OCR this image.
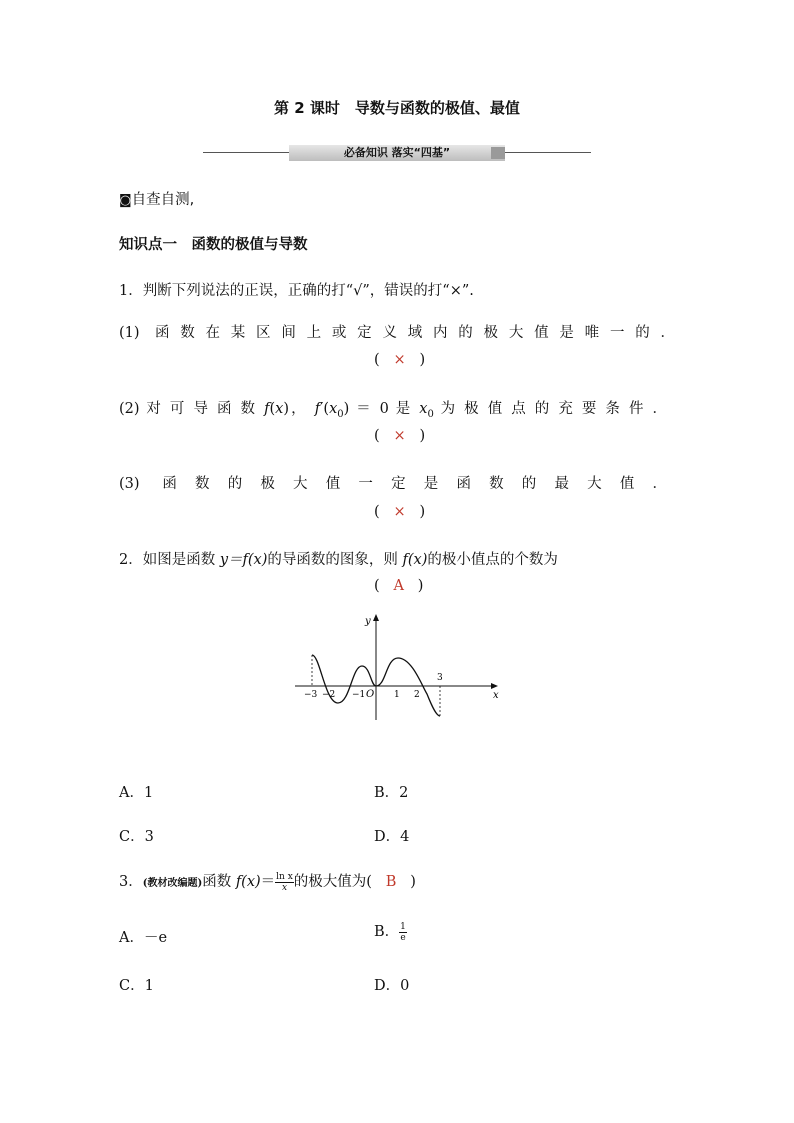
第 2 课时　导数与函数的极值、最值
必备知识 落实“四基”
◙自查自测,
知识点一　函数的极值与导数
1．判断下列说法的正误，正确的打“√”，错误的打“×”.
(1) 函数在某区间上或定义域内的极大值是唯一的．
(   ×   )
(2) 对 可 导 函 数 f(x)， $f'(x_0) = 0$ 是 $x_0$ 为 极 值 点 的 充 要 条 件 ．
(   ×   )
(3) 函数的极大值一定是函数的最大值．
(   ×   )
2．如图是函数 y＝f(x)的导函数的图象，则 f(x)的极小值点的个数为
(   A   )
y
x
O
−3 −2 −1	1 2
3
A．1	B．2
C．3	D．4
3．(教材改编题)函数 $f(x)= \frac{\text{ln x}}{x}$ 的极大值为(   B   )
A．－e	B． $\frac{1}{e}$
C．1	D．0
